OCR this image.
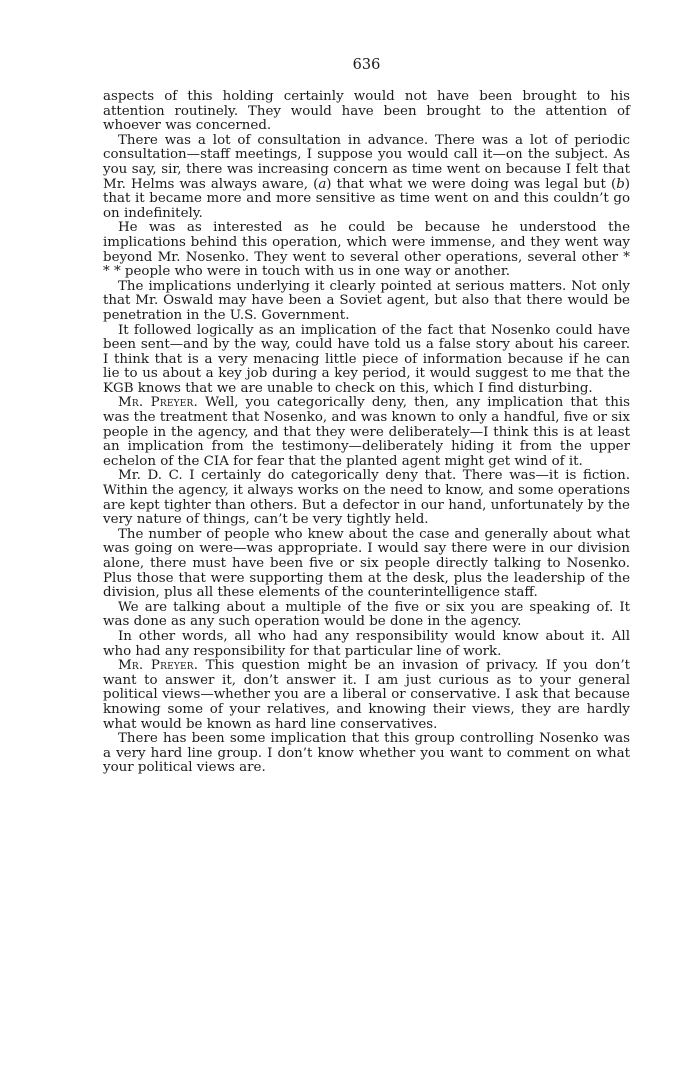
636

aspects of this holding certainly would not have been brought to his attention routinely. They would have been brought to the attention of whoever was concerned.

There was a lot of consultation in advance. There was a lot of periodic consultation—staff meetings, I suppose you would call it—on the subject. As you say, sir, there was increasing concern as time went on because I felt that Mr. Helms was always aware, (a) that what we were doing was legal but (b) that it became more and more sensitive as time went on and this couldn’t go on indefinitely.

He was as interested as he could be because he understood the implications behind this operation, which were immense, and they went way beyond Mr. Nosenko. They went to several other operations, several other * * * people who were in touch with us in one way or another.

The implications underlying it clearly pointed at serious matters. Not only that Mr. Oswald may have been a Soviet agent, but also that there would be penetration in the U.S. Government.

It followed logically as an implication of the fact that Nosenko could have been sent—and by the way, could have told us a false story about his career. I think that is a very menacing little piece of information because if he can lie to us about a key job during a key period, it would suggest to me that the KGB knows that we are unable to check on this, which I find disturbing.

Mr. Preyer. Well, you categorically deny, then, any implication that this was the treatment that Nosenko, and was known to only a handful, five or six people in the agency, and that they were deliberately—I think this is at least an implication from the testimony—deliberately hiding it from the upper echelon of the CIA for fear that the planted agent might get wind of it.

Mr. D. C. I certainly do categorically deny that. There was—it is fiction. Within the agency, it always works on the need to know, and some operations are kept tighter than others. But a defector in our hand, unfortunately by the very nature of things, can’t be very tightly held.

The number of people who knew about the case and generally about what was going on were—was appropriate. I would say there were in our division alone, there must have been five or six people directly talking to Nosenko. Plus those that were supporting them at the desk, plus the leadership of the division, plus all these elements of the counterintelligence staff.

We are talking about a multiple of the five or six you are speaking of. It was done as any such operation would be done in the agency.

In other words, all who had any responsibility would know about it. All who had any responsibility for that particular line of work.

Mr. Preyer. This question might be an invasion of privacy. If you don’t want to answer it, don’t answer it. I am just curious as to your general political views—whether you are a liberal or conservative. I ask that because knowing some of your relatives, and knowing their views, they are hardly what would be known as hard line conservatives.

There has been some implication that this group controlling Nosenko was a very hard line group. I don’t know whether you want to comment on what your political views are.
